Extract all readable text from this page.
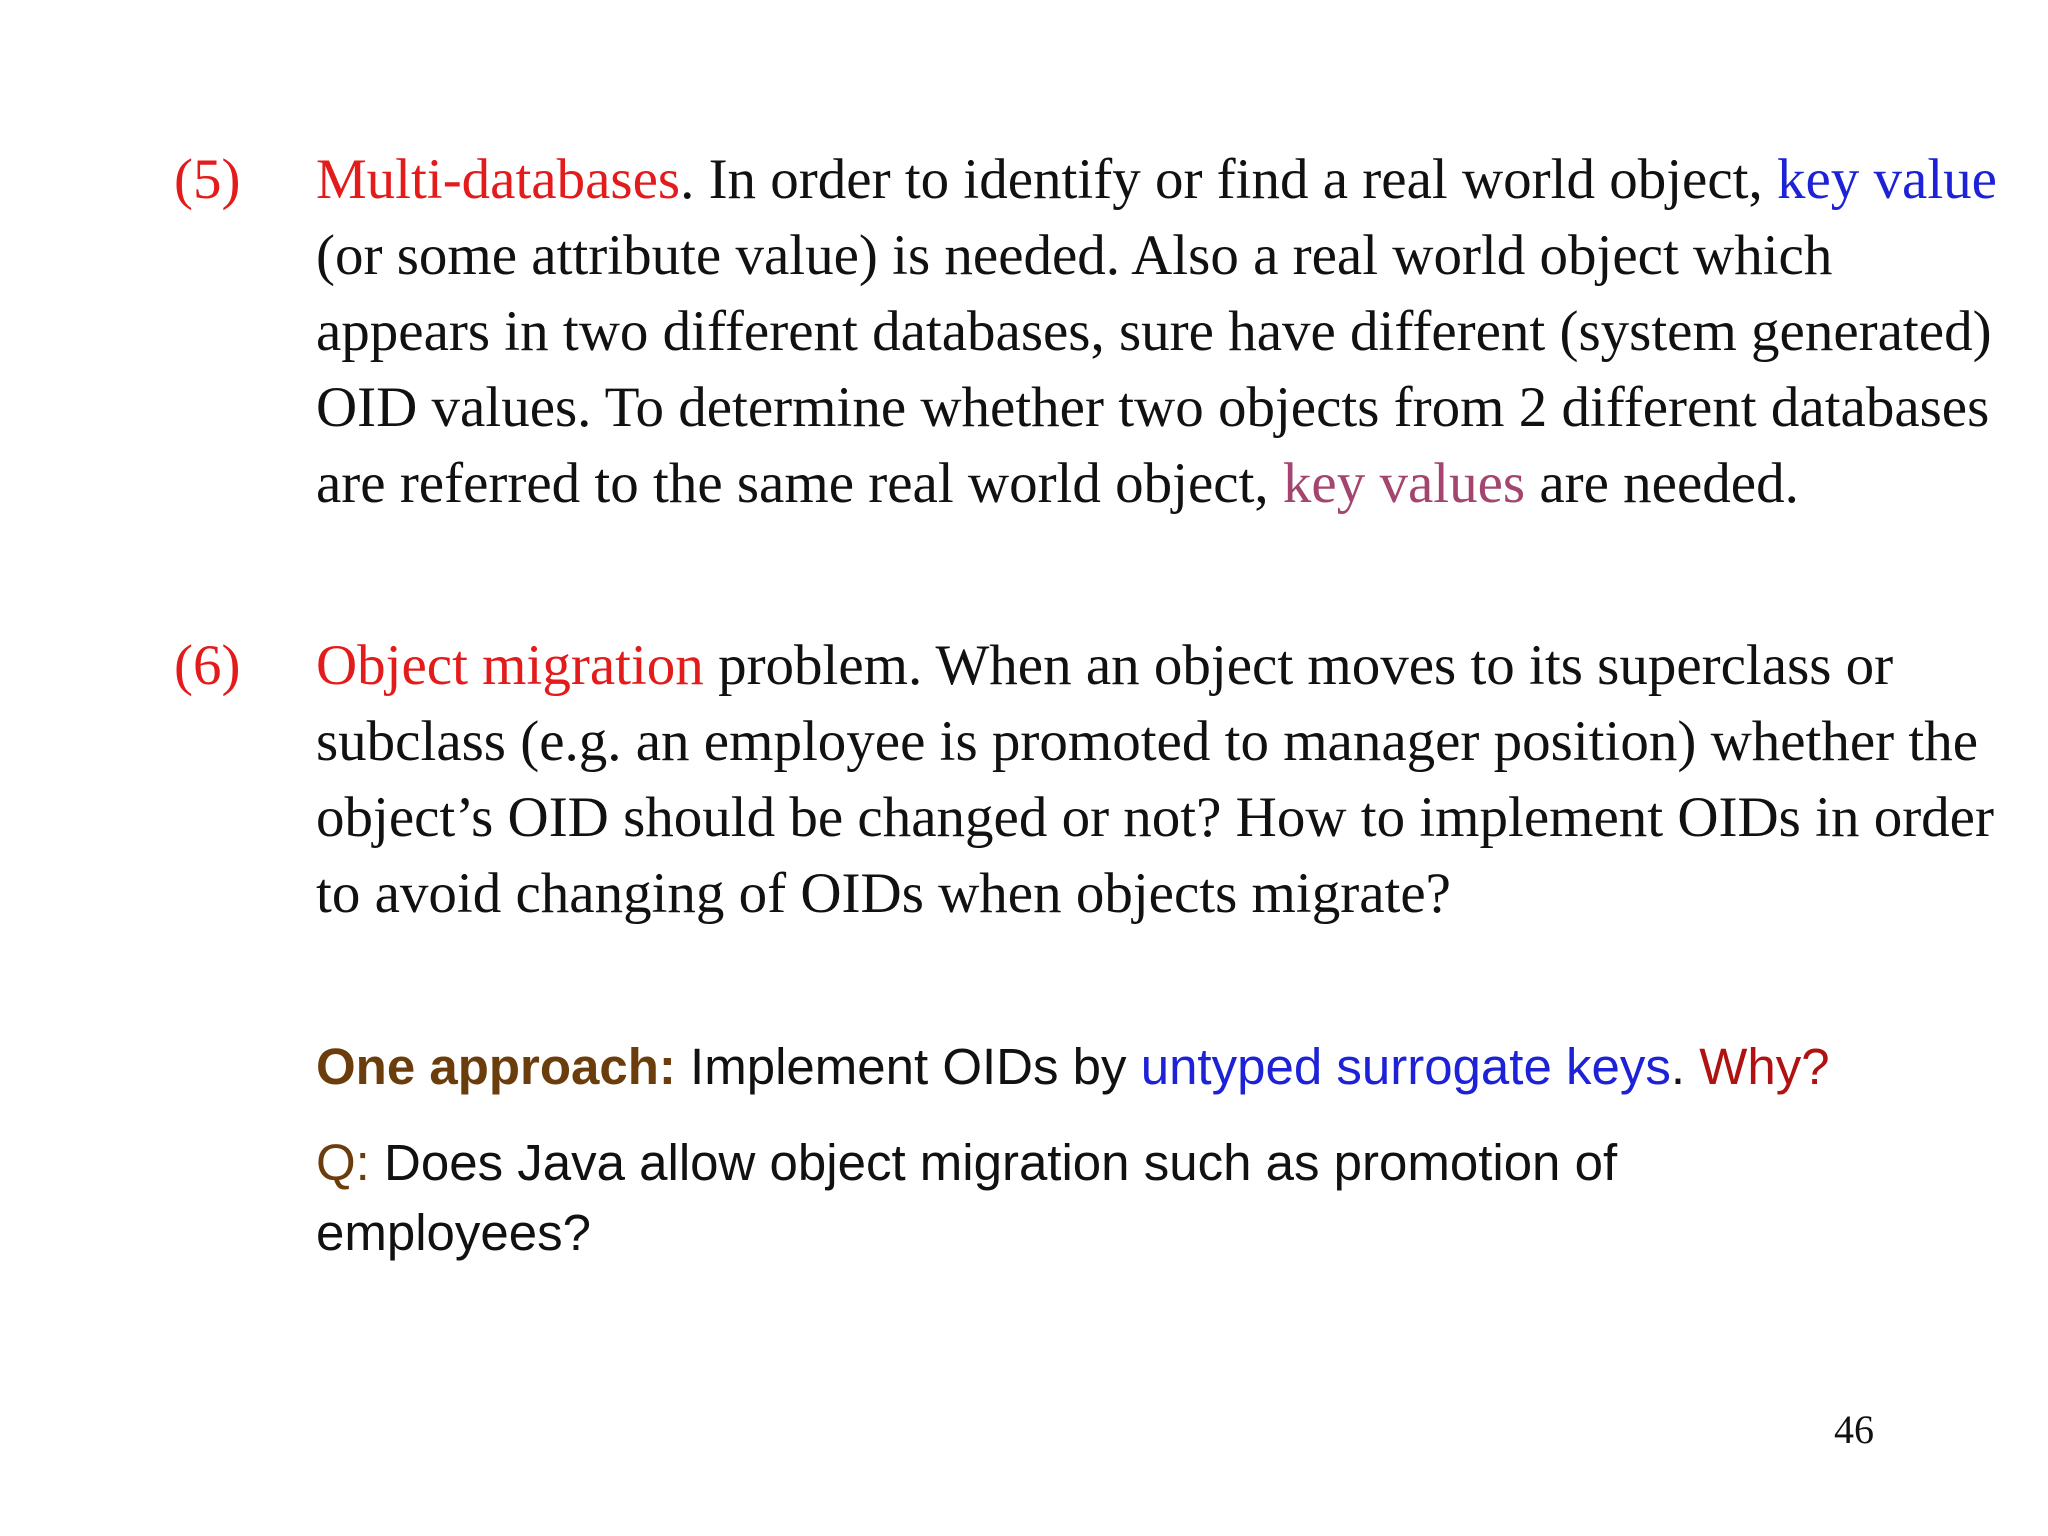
(5) Multi-databases. In order to identify or find a real world object, key value (or some attribute value) is needed. Also a real world object which appears in two different databases, sure have different (system generated) OID values. To determine whether two objects from 2 different databases are referred to the same real world object, key values are needed.
(6) Object migration problem. When an object moves to its superclass or subclass (e.g. an employee is promoted to manager position) whether the object’s OID should be changed or not? How to implement OIDs in order to avoid changing of OIDs when objects migrate?
One approach: Implement OIDs by untyped surrogate keys. Why?
Q: Does Java allow object migration such as promotion of employees?
46
